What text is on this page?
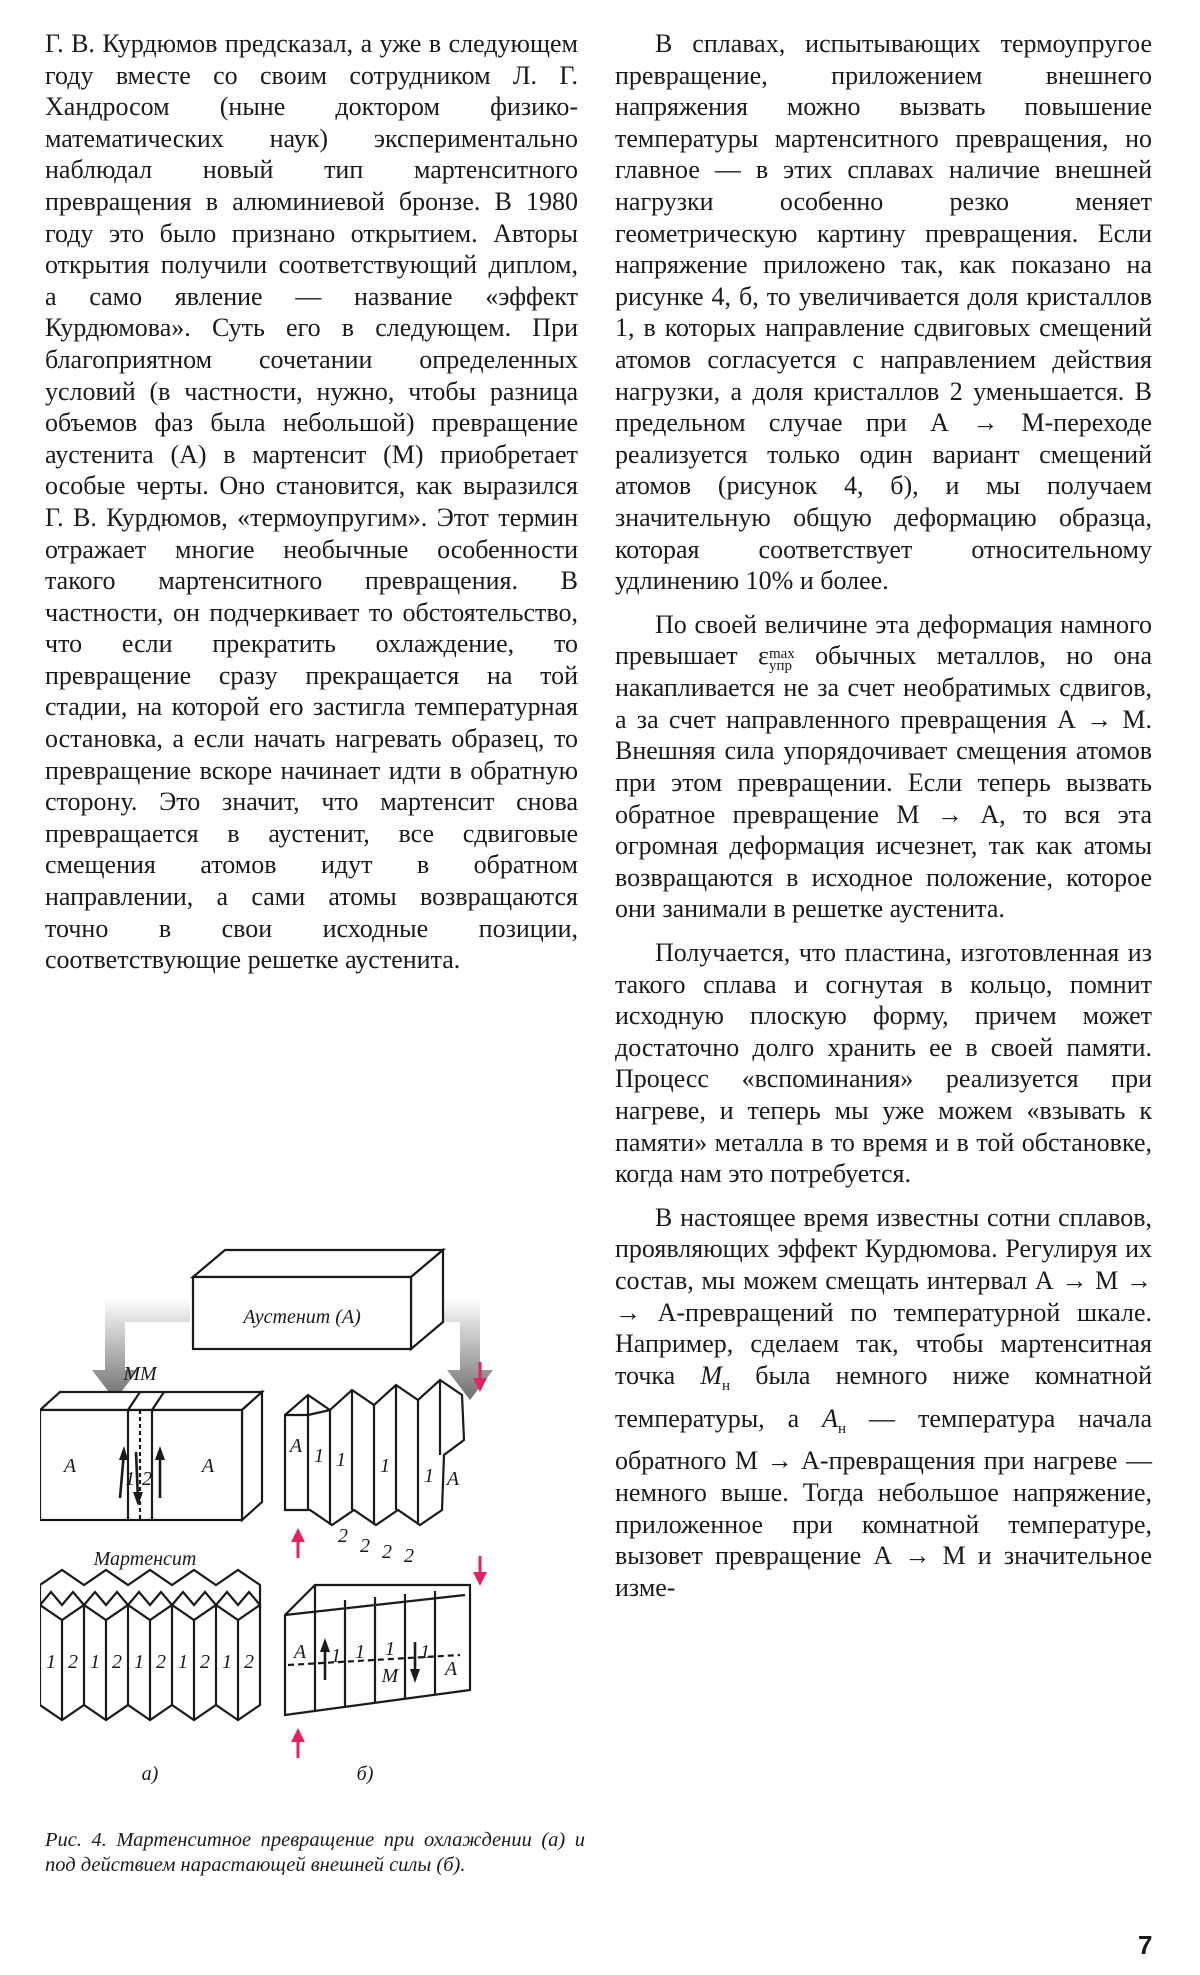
Г. В. Курдюмов предсказал, а уже в следующем году вместе со своим сотрудником Л. Г. Хандросом (ныне доктором физико-математических наук) экспериментально наблюдал новый тип мартенситного превращения в алюминиевой бронзе. В 1980 году это было признано открытием. Авторы открытия получили соответствующий диплом, а само явление — название «эффект Курдюмова». Суть его в следующем. При благоприятном сочетании определенных условий (в частности, нужно, чтобы разница объемов фаз была небольшой) превращение аустенита (А) в мартенсит (М) приобретает особые черты. Оно становится, как выразился Г. В. Курдюмов, «термоупругим». Этот термин отражает многие необычные особенности такого мартенситного превращения. В частности, он подчеркивает то обстоятельство, что если прекратить охлаждение, то превращение сразу прекращается на той стадии, на которой его застигла температурная остановка, а если начать нагревать образец, то превращение вскоре начинает идти в обратную сторону. Это значит, что мартенсит снова превращается в аустенит, все сдвиговые смещения атомов идут в обратном направлении, а сами атомы возвращаются точно в свои исходные позиции, соответствующие решетке аустенита.

В сплавах, испытывающих термоупругое превращение, приложением внешнего напряжения можно вызвать повышение температуры мартенситного превращения, но главное — в этих сплавах наличие внешней нагрузки особенно резко меняет геометрическую картину превращения. Если напряжение приложено так, как показано на рисунке 4, б, то увеличивается доля кристаллов 1, в которых направление сдвиговых смещений атомов согласуется с направлением действия нагрузки, а доля кристаллов 2 уменьшается. В предельном случае при А → М-переходе реализуется только один вариант смещений атомов (рисунок 4, б), и мы получаем значительную общую деформацию образца, которая соответствует относительному удлинению 10% и более.

По своей величине эта деформация намного превышает ε max
упр обычных металлов, но она накапливается не за счет необратимых сдвигов, а за счет направленного превращения А → М. Внешняя сила упорядочивает смещения атомов при этом превращении. Если теперь вызвать обратное превращение М → А, то вся эта огромная деформация исчезнет, так как атомы возвращаются в исходное положение, которое они занимали в решетке аустенита.

Получается, что пластина, изготовленная из такого сплава и согнутая в кольцо, помнит исходную плоскую форму, причем может достаточно долго хранить ее в своей памяти. Процесс «вспоминания» реализуется при нагреве, и теперь мы уже можем «взывать к памяти» металла в то время и в той обстановке, когда нам это потребуется.

В настоящее время известны сотни сплавов, проявляющих эффект Курдюмова. Регулируя их состав, мы можем смещать интервал А → М → → А-превращений по температурной шкале. Например, сделаем так, чтобы мартенситная точка $М_н$ была немного ниже комнатной температуры, а $А_н$ — температура начала обратного М → А-превращения при нагреве — немного выше. Тогда небольшое напряжение, приложенное при комнатной температуре, вызовет превращение А → М и значительное изме-

Аустенит (А)
ММ
А	А
1 2
Мартенсит
1 2 1 2 1 2 1 2 1 2
а)
А 1 1 1 1 А
2 2 2 2
А 1 1 1
М
1
А
б)
Рис. 4. Мартенситное превращение при охлаждении (а) и под действием нарастающей внешней силы (б).
7
